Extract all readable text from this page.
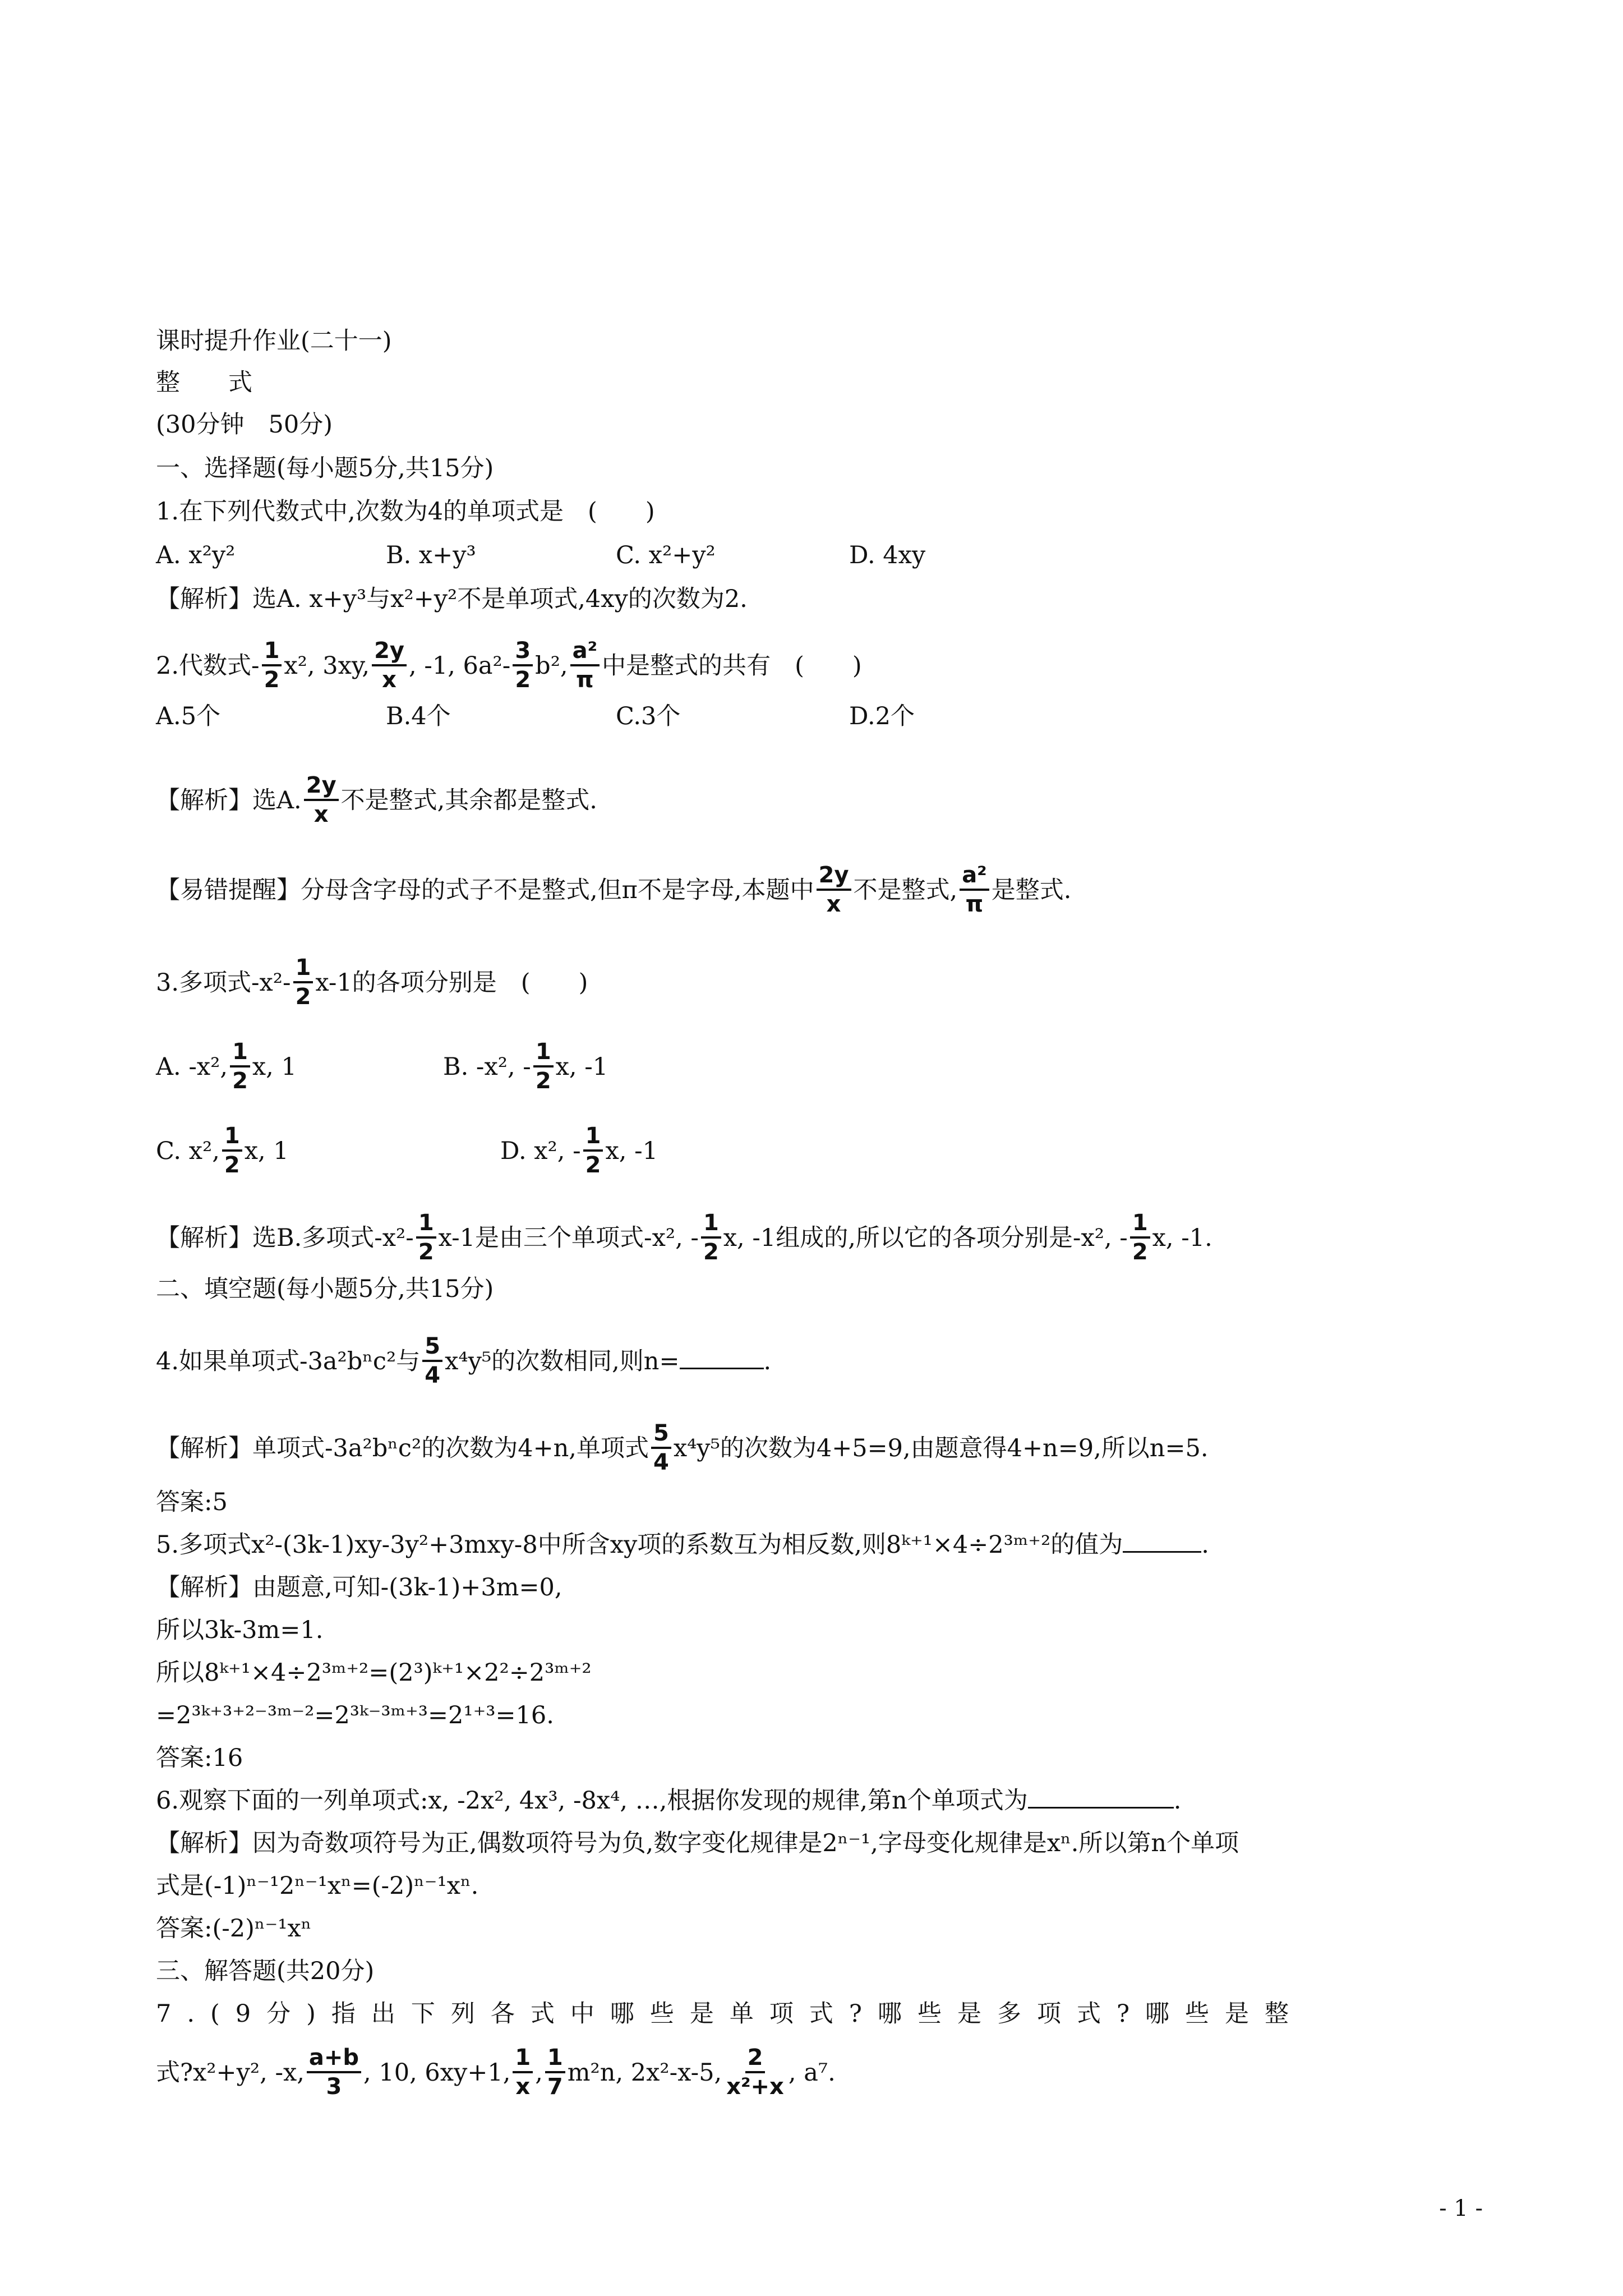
课时提升作业(二十一)
整　　式
(30分钟　50分)
一、选择题(每小题5分,共15分)
1.在下列代数式中,次数为4的单项式是　(　　)
A. x²y²	B. x+y³	C. x²+y²	D. 4xy
【解析】选A. x+y³与x²+y²不是单项式,4xy的次数为2.
2.代数式- $\frac{1}{2} x^2$, 3xy, $\frac{2y}{x}$ , -1, $6a^2- \frac{3}{2} b^2$, $\frac{\text{a²}}{\pi}$ 中是整式的共有　(　　)
A.5个	B.4个	C.3个	D.2个
【解析】选A. $\frac{2y}{x}$ 不是整式,其余都是整式.
【易错提醒】分母含字母的式子不是整式,但π不是字母,本题中 $\frac{2y}{x}$ 不是整式, $\frac{\text{a²}}{\pi}$ 是整式.
3.多项式$-x^2- \frac{1}{2} x-1$的各项分别是　(　　)
A. -x², $\frac{1}{2} x$, 1	B. -x², - $\frac{1}{2} x$, -1
C. x², $\frac{1}{2} x$, 1	D. x², - $\frac{1}{2} x$, -1
【解析】选B.多项式$-x^2- \frac{1}{2} x-1$是由三个单项式-x², - $\frac{1}{2} x$, -1组成的,所以它的各项分别是-x², - $\frac{1}{2} x$, -1.
二、填空题(每小题5分,共15分)
4.如果单项式-3a²bⁿc²与 $\frac{5}{4} x^4y^5$的次数相同,则n=	.
【解析】单项式-3a²bⁿc²的次数为4+n,单项式 $\frac{5}{4} x^4y^5$的次数为4+5=9,由题意得4+n=9,所以n=5.
答案:5
5.多项式x²-(3k-1)xy-3y²+3mxy-8中所含xy项的系数互为相反数,则8ᵏ⁺¹×4÷2³ᵐ⁺²的值为	.
【解析】由题意,可知-(3k-1)+3m=0,
所以3k-3m=1.
所以8ᵏ⁺¹×4÷2³ᵐ⁺²=(2³)ᵏ⁺¹×2²÷2³ᵐ⁺²
=2³ᵏ⁺³⁺²⁻³ᵐ⁻²=2³ᵏ⁻³ᵐ⁺³=2¹⁺³=16.
答案:16
6.观察下面的一列单项式:x, -2x², 4x³, -8x⁴, …,根据你发现的规律,第n个单项式为	.
【解析】因为奇数项符号为正,偶数项符号为负,数字变化规律是2ⁿ⁻¹,字母变化规律是xⁿ.所以第n个单项
式是(-1)ⁿ⁻¹2ⁿ⁻¹xⁿ=(-2)ⁿ⁻¹xⁿ.
答案:(-2)ⁿ⁻¹xⁿ
三、解答题(共20分)
7.(9分)指出下列各式中哪些是单项式?哪些是多项式?哪些是整
式?x²+y², -x, $\frac{a+b}{3}$ , 10, 6xy+1, $\frac{1}{x}$ , $\frac{1}{7} m^2n$, 2x²-x-5, $\frac{2}{\text{x²+x}}$ , a⁷.
- 1 -
